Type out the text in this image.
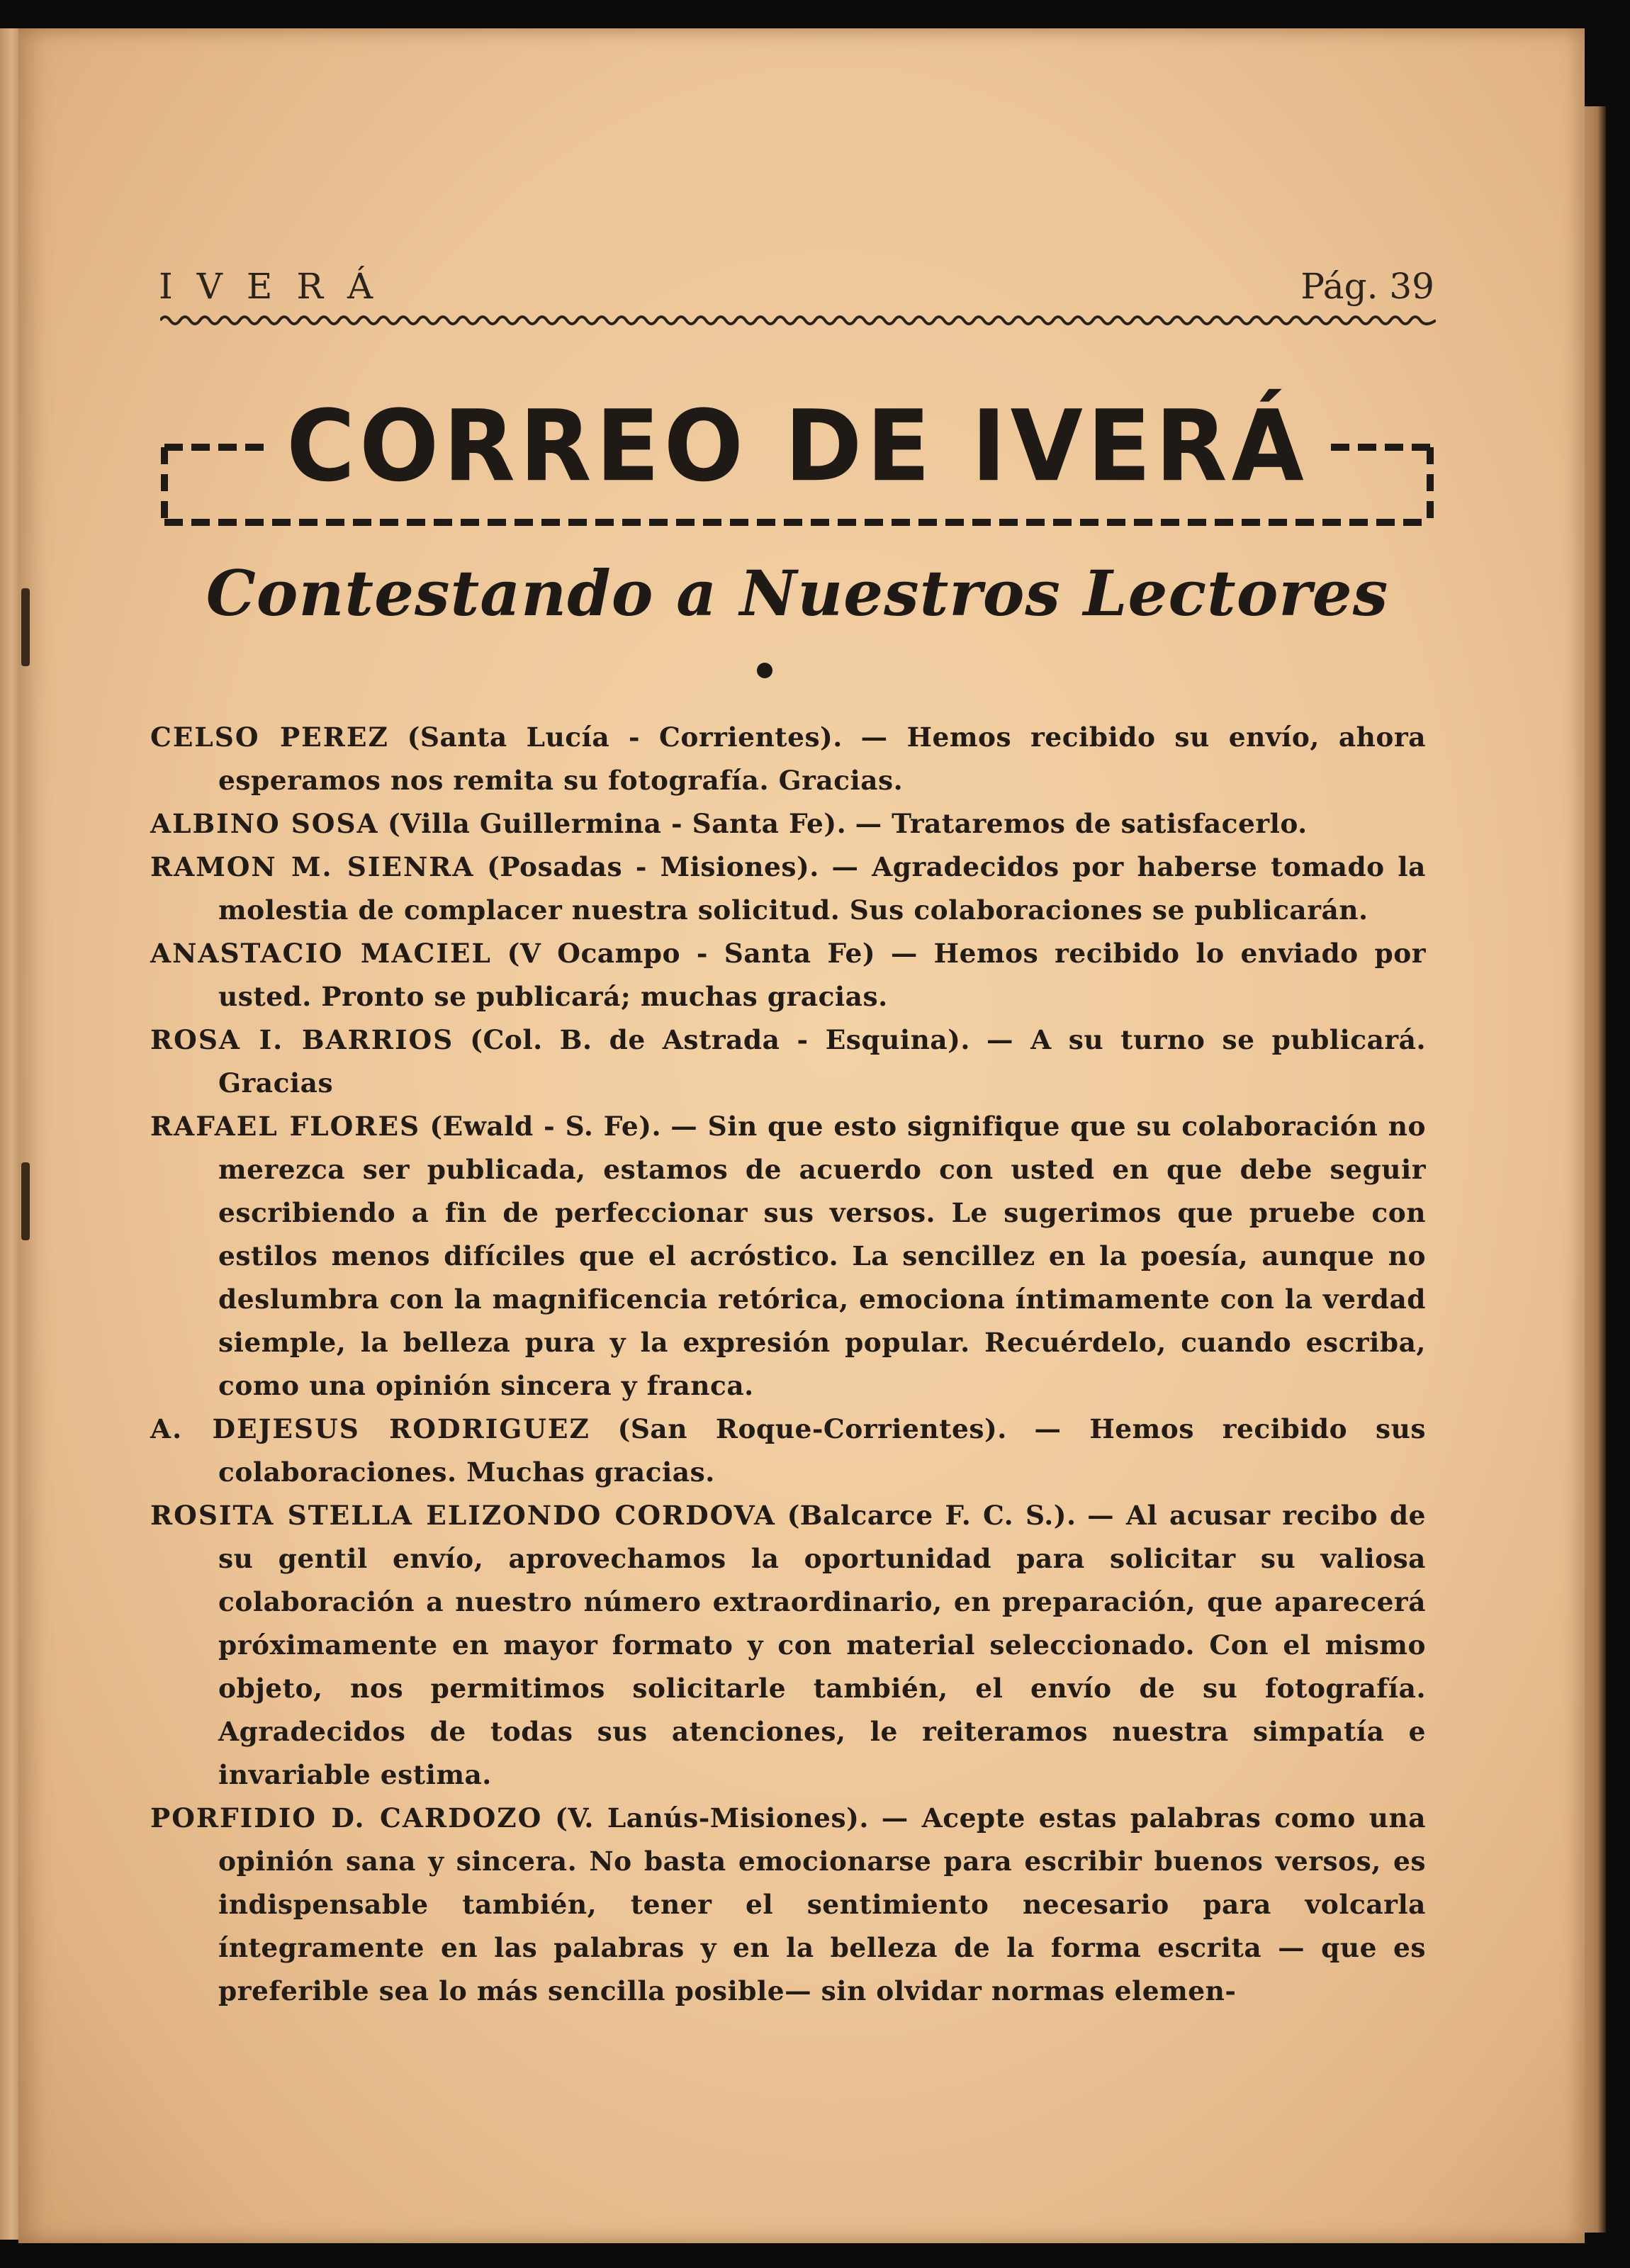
IVERÁ	Pág. 39
CORREO DE IVERÁ
Contestando a Nuestros Lectores

CELSO PEREZ (Santa Lucía - Corrientes). — Hemos recibido su envío, ahora esperamos nos remita su fotografía. Gracias.

ALBINO SOSA (Villa Guillermina - Santa Fe). — Trataremos de satisfacerlo.

RAMON M. SIENRA (Posadas - Misiones). — Agradecidos por haberse tomado la molestia de complacer nuestra solicitud. Sus colaboraciones se publicarán.

ANASTACIO MACIEL (V Ocampo - Santa Fe) — Hemos recibido lo enviado por usted. Pronto se publicará; muchas gracias.

ROSA I. BARRIOS (Col. B. de Astrada - Esquina). — A su turno se publicará. Gracias

RAFAEL FLORES (Ewald - S. Fe). — Sin que esto signifique que su colaboración no merezca ser publicada, estamos de acuerdo con usted en que debe seguir escribiendo a fin de perfeccionar sus versos. Le sugerimos que pruebe con estilos menos difíciles que el acróstico. La sencillez en la poesía, aunque no deslumbra con la magnificencia retórica, emociona íntimamente con la verdad siemple, la belleza pura y la expresión popular. Recuérdelo, cuando escriba, como una opinión sincera y franca.

A. DEJESUS RODRIGUEZ (San Roque-Corrientes). — Hemos recibido sus colaboraciones. Muchas gracias.

ROSITA STELLA ELIZONDO CORDOVA (Balcarce F. C. S.). — Al acusar recibo de su gentil envío, aprovechamos la oportunidad para solicitar su valiosa colaboración a nuestro número extraordinario, en preparación, que aparecerá próximamente en mayor formato y con material seleccionado. Con el mismo objeto, nos permitimos solicitarle también, el envío de su fotografía. Agradecidos de todas sus atenciones, le reiteramos nuestra simpatía e invariable estima.

PORFIDIO D. CARDOZO (V. Lanús-Misiones). — Acepte estas palabras como una opinión sana y sincera. No basta emocionarse para escribir buenos versos, es indispensable también, tener el sentimiento necesario para volcarla íntegramente en las palabras y en la belleza de la forma escrita — que es preferible sea lo más sencilla posible— sin olvidar normas elemen-
